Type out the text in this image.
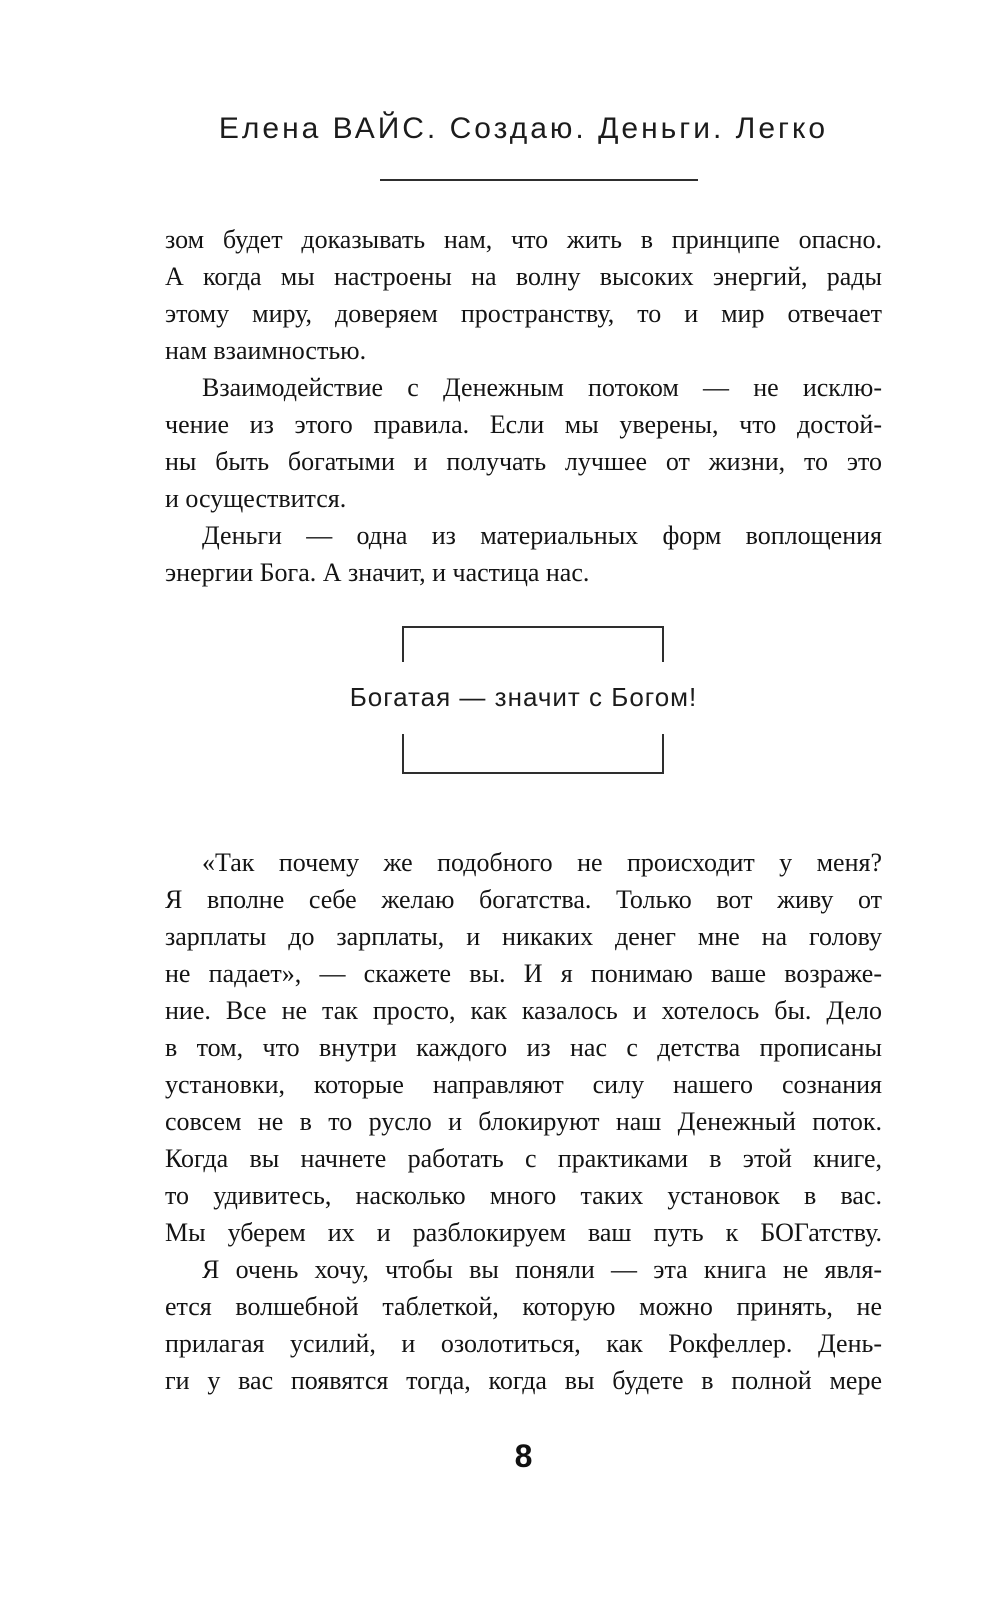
Елена ВАЙС. Создаю. Деньги. Легко
зом будет доказывать нам, что жить в принципе опасно.
А когда мы настроены на волну высоких энергий, рады
этому миру, доверяем пространству, то и мир отвечает
нам взаимностью.
Взаимодействие с Денежным потоком — не исклю-
чение из этого правила. Если мы уверены, что достой-
ны быть богатыми и получать лучшее от жизни, то это
и осуществится.
Деньги — одна из материальных форм воплощения
энергии Бога. А значит, и частица нас.
Богатая — значит с Богом!
«Так почему же подобного не происходит у меня?
Я вполне себе желаю богатства. Только вот живу от
зарплаты до зарплаты, и никаких денег мне на голову
не падает», — скажете вы. И я понимаю ваше возраже-
ние. Все не так просто, как казалось и хотелось бы. Дело
в том, что внутри каждого из нас с детства прописаны
установки, которые направляют силу нашего сознания
совсем не в то русло и блокируют наш Денежный поток.
Когда вы начнете работать с практиками в этой книге,
то удивитесь, насколько много таких установок в вас.
Мы уберем их и разблокируем ваш путь к БОГатству.
Я очень хочу, чтобы вы поняли — эта книга не явля-
ется волшебной таблеткой, которую можно принять, не
прилагая усилий, и озолотиться, как Рокфеллер. День-
ги у вас появятся тогда, когда вы будете в полной мере
8
